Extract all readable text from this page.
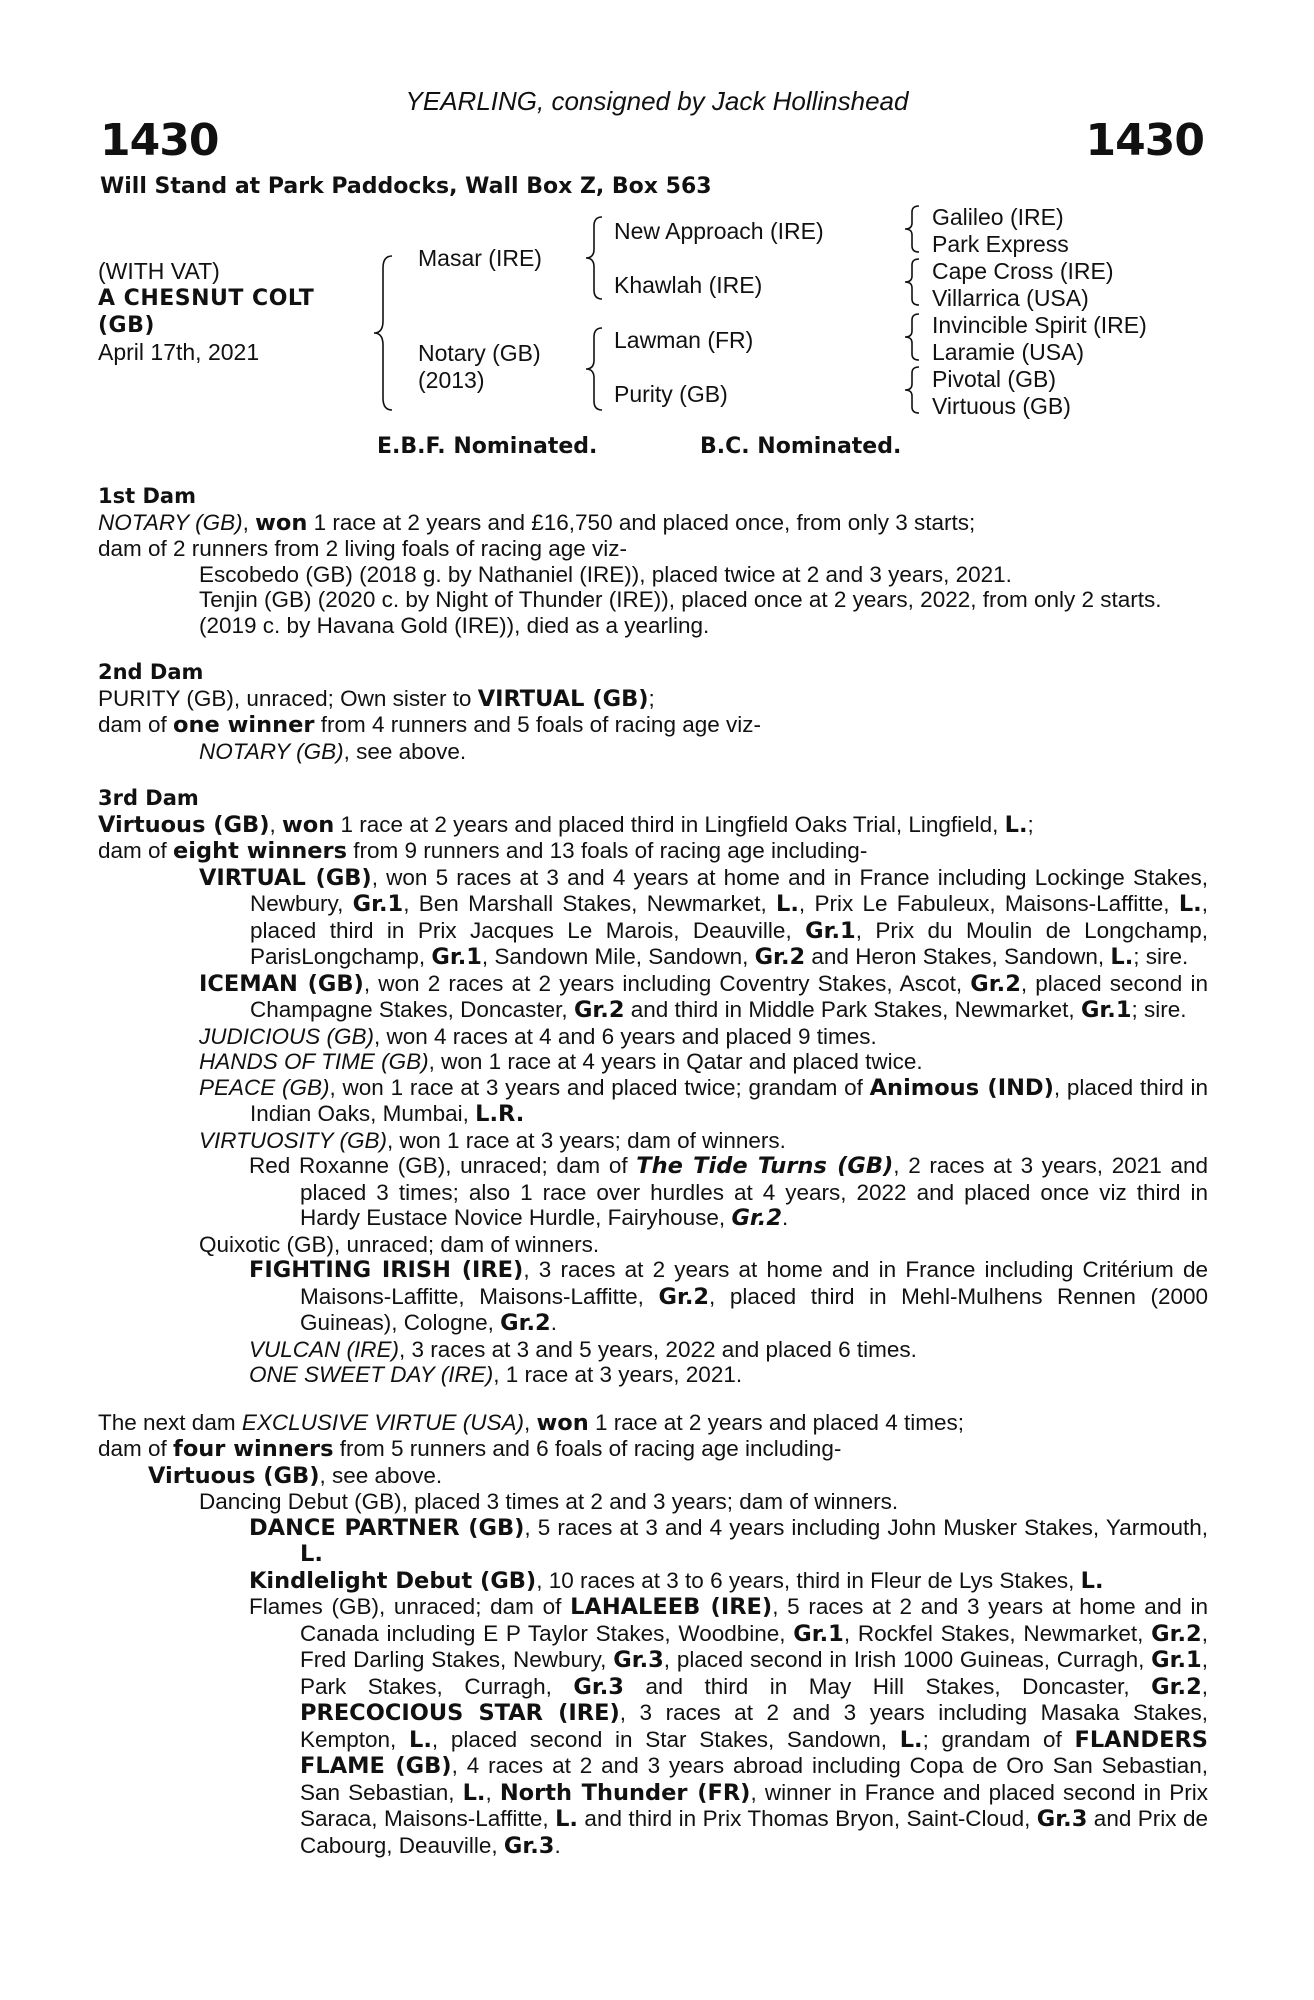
YEARLING, consigned by Jack Hollinshead
1430	1430
Will Stand at Park Paddocks, Wall Box Z, Box 563
(WITH VAT)
A CHESNUT COLT
(GB)
April 17th, 2021
Masar (IRE)
Notary (GB)
(2013)
New Approach (IRE)
Khawlah (IRE)
Lawman (FR)
Purity (GB)
Galileo (IRE)
Park Express
Cape Cross (IRE)
Villarrica (USA)
Invincible Spirit (IRE)
Laramie (USA)
Pivotal (GB)
Virtuous (GB)
E.B.F. Nominated.	B.C. Nominated.
1st Dam
NOTARY (GB), won 1 race at 2 years and £16,750 and placed once, from only 3 starts;
dam of 2 runners from 2 living foals of racing age viz-
Escobedo (GB) (2018 g. by Nathaniel (IRE)), placed twice at 2 and 3 years, 2021.
Tenjin (GB) (2020 c. by Night of Thunder (IRE)), placed once at 2 years, 2022, from only 2 starts.
(2019 c. by Havana Gold (IRE)), died as a yearling.
2nd Dam
PURITY (GB), unraced; Own sister to VIRTUAL (GB);
dam of one winner from 4 runners and 5 foals of racing age viz-
NOTARY (GB), see above.
3rd Dam
Virtuous (GB), won 1 race at 2 years and placed third in Lingfield Oaks Trial, Lingfield, L.;
dam of eight winners from 9 runners and 13 foals of racing age including-
VIRTUAL (GB), won 5 races at 3 and 4 years at home and in France including Lockinge Stakes, Newbury, Gr.1, Ben Marshall Stakes, Newmarket, L., Prix Le Fabuleux, Maisons-Laffitte, L., placed third in Prix Jacques Le Marois, Deauville, Gr.1, Prix du Moulin de Longchamp, ParisLongchamp, Gr.1, Sandown Mile, Sandown, Gr.2 and Heron Stakes, Sandown, L.; sire.
ICEMAN (GB), won 2 races at 2 years including Coventry Stakes, Ascot, Gr.2, placed second in Champagne Stakes, Doncaster, Gr.2 and third in Middle Park Stakes, Newmarket, Gr.1; sire.
JUDICIOUS (GB), won 4 races at 4 and 6 years and placed 9 times.
HANDS OF TIME (GB), won 1 race at 4 years in Qatar and placed twice.
PEACE (GB), won 1 race at 3 years and placed twice; grandam of Animous (IND), placed third in Indian Oaks, Mumbai, L.R.
VIRTUOSITY (GB), won 1 race at 3 years; dam of winners.
Red Roxanne (GB), unraced; dam of The Tide Turns (GB), 2 races at 3 years, 2021 and placed 3 times; also 1 race over hurdles at 4 years, 2022 and placed once viz third in Hardy Eustace Novice Hurdle, Fairyhouse, Gr.2.
Quixotic (GB), unraced; dam of winners.
FIGHTING IRISH (IRE), 3 races at 2 years at home and in France including Critérium de Maisons-Laffitte, Maisons-Laffitte, Gr.2, placed third in Mehl-Mulhens Rennen (2000 Guineas), Cologne, Gr.2.
VULCAN (IRE), 3 races at 3 and 5 years, 2022 and placed 6 times.
ONE SWEET DAY (IRE), 1 race at 3 years, 2021.
The next dam EXCLUSIVE VIRTUE (USA), won 1 race at 2 years and placed 4 times;
dam of four winners from 5 runners and 6 foals of racing age including-
Virtuous (GB), see above.
Dancing Debut (GB), placed 3 times at 2 and 3 years; dam of winners.
DANCE PARTNER (GB), 5 races at 3 and 4 years including John Musker Stakes, Yarmouth, L.
Kindlelight Debut (GB), 10 races at 3 to 6 years, third in Fleur de Lys Stakes, L.
Flames (GB), unraced; dam of LAHALEEB (IRE), 5 races at 2 and 3 years at home and in Canada including E P Taylor Stakes, Woodbine, Gr.1, Rockfel Stakes, Newmarket, Gr.2, Fred Darling Stakes, Newbury, Gr.3, placed second in Irish 1000 Guineas, Curragh, Gr.1, Park Stakes, Curragh, Gr.3 and third in May Hill Stakes, Doncaster, Gr.2, PRECOCIOUS STAR (IRE), 3 races at 2 and 3 years including Masaka Stakes, Kempton, L., placed second in Star Stakes, Sandown, L.; grandam of FLANDERS FLAME (GB), 4 races at 2 and 3 years abroad including Copa de Oro San Sebastian, San Sebastian, L., North Thunder (FR), winner in France and placed second in Prix Saraca, Maisons-Laffitte, L. and third in Prix Thomas Bryon, Saint-Cloud, Gr.3 and Prix de Cabourg, Deauville, Gr.3.
